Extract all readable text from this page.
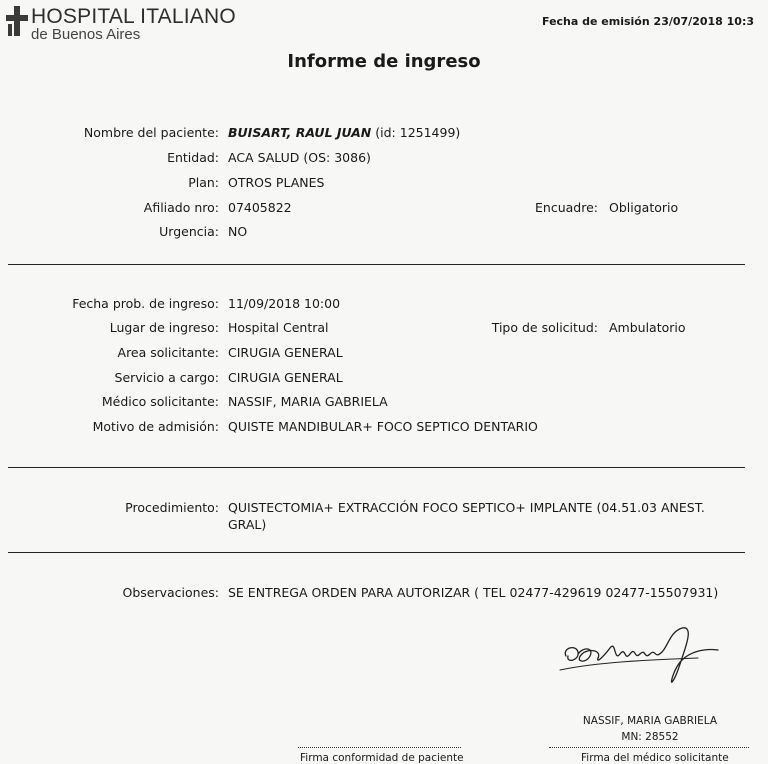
HOSPITAL ITALIANO
de Buenos Aires
Fecha de emisión 23/07/2018 10:3
Informe de ingreso
Nombre del paciente: BUISART, RAUL JUAN (id: 1251499)
Entidad: ACA SALUD (OS: 3086)
Plan: OTROS PLANES
Afiliado nro: 07405822	Encuadre: Obligatorio
Urgencia: NO
Fecha prob. de ingreso: 11/09/2018 10:00
Lugar de ingreso: Hospital Central	Tipo de solicitud: Ambulatorio
Area solicitante: CIRUGIA GENERAL
Servicio a cargo: CIRUGIA GENERAL
Médico solicitante: NASSIF, MARIA GABRIELA
Motivo de admisión: QUISTE MANDIBULAR+ FOCO SEPTICO DENTARIO
Procedimiento: QUISTECTOMIA+ EXTRACCIÓN FOCO SEPTICO+ IMPLANTE (04.51.03 ANEST. GRAL)
Observaciones: SE ENTREGA ORDEN PARA AUTORIZAR ( TEL 02477-429619 02477-15507931)
NASSIF, MARIA GABRIELA
MN: 28552
Firma conformidad de paciente	Firma del médico solicitante
